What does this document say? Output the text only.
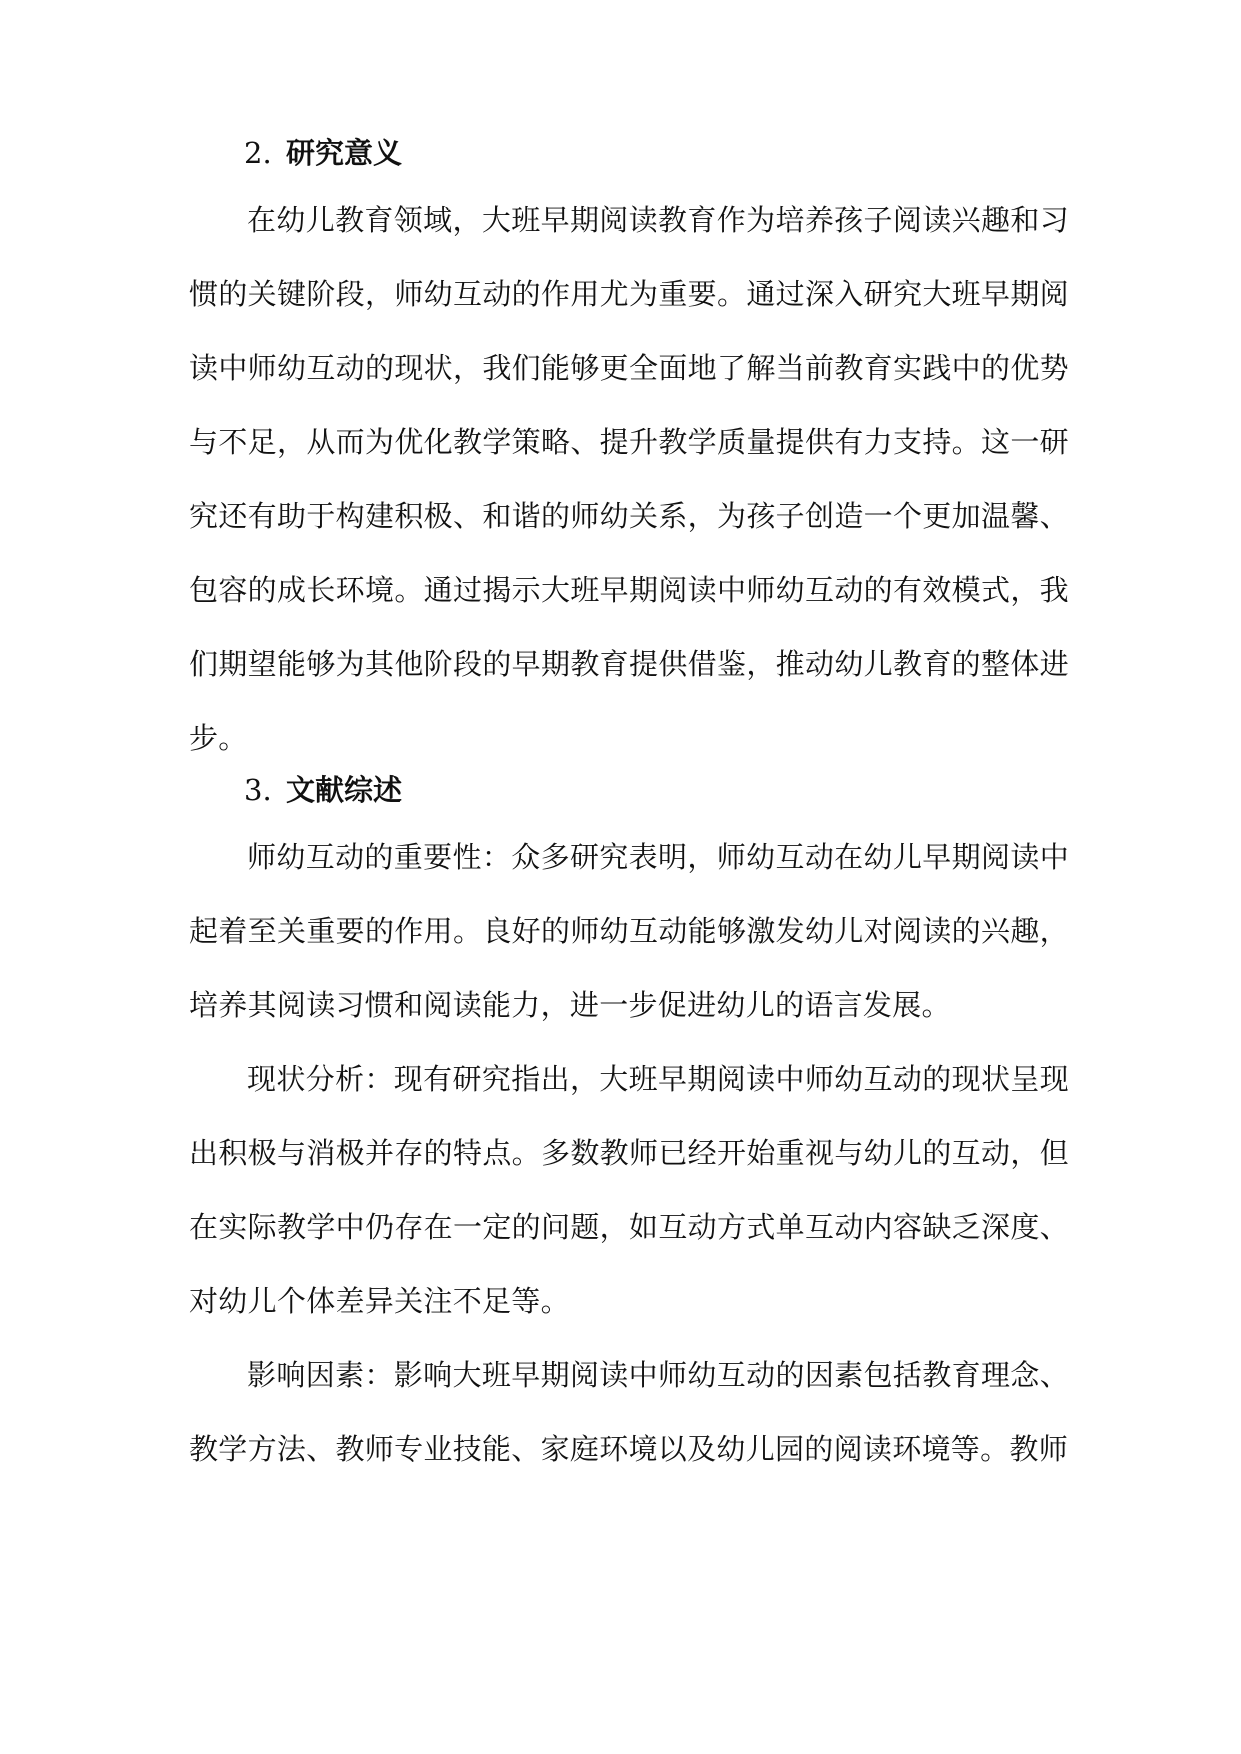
2. 研究意义

在幼儿教育领域，大班早期阅读教育作为培养孩子阅读兴趣和习惯的关键阶段，师幼互动的作用尤为重要。通过深入研究大班早期阅读中师幼互动的现状，我们能够更全面地了解当前教育实践中的优势与不足，从而为优化教学策略、提升教学质量提供有力支持。这一研究还有助于构建积极、和谐的师幼关系，为孩子创造一个更加温馨、包容的成长环境。通过揭示大班早期阅读中师幼互动的有效模式，我们期望能够为其他阶段的早期教育提供借鉴，推动幼儿教育的整体进步。

3. 文献综述

师幼互动的重要性：众多研究表明，师幼互动在幼儿早期阅读中起着至关重要的作用。良好的师幼互动能够激发幼儿对阅读的兴趣，培养其阅读习惯和阅读能力，进一步促进幼儿的语言发展。

现状分析：现有研究指出，大班早期阅读中师幼互动的现状呈现出积极与消极并存的特点。多数教师已经开始重视与幼儿的互动，但在实际教学中仍存在一定的问题，如互动方式单互动内容缺乏深度、对幼儿个体差异关注不足等。

影响因素：影响大班早期阅读中师幼互动的因素包括教育理念、教学方法、教师专业技能、家庭环境以及幼儿园的阅读环境等。教师
